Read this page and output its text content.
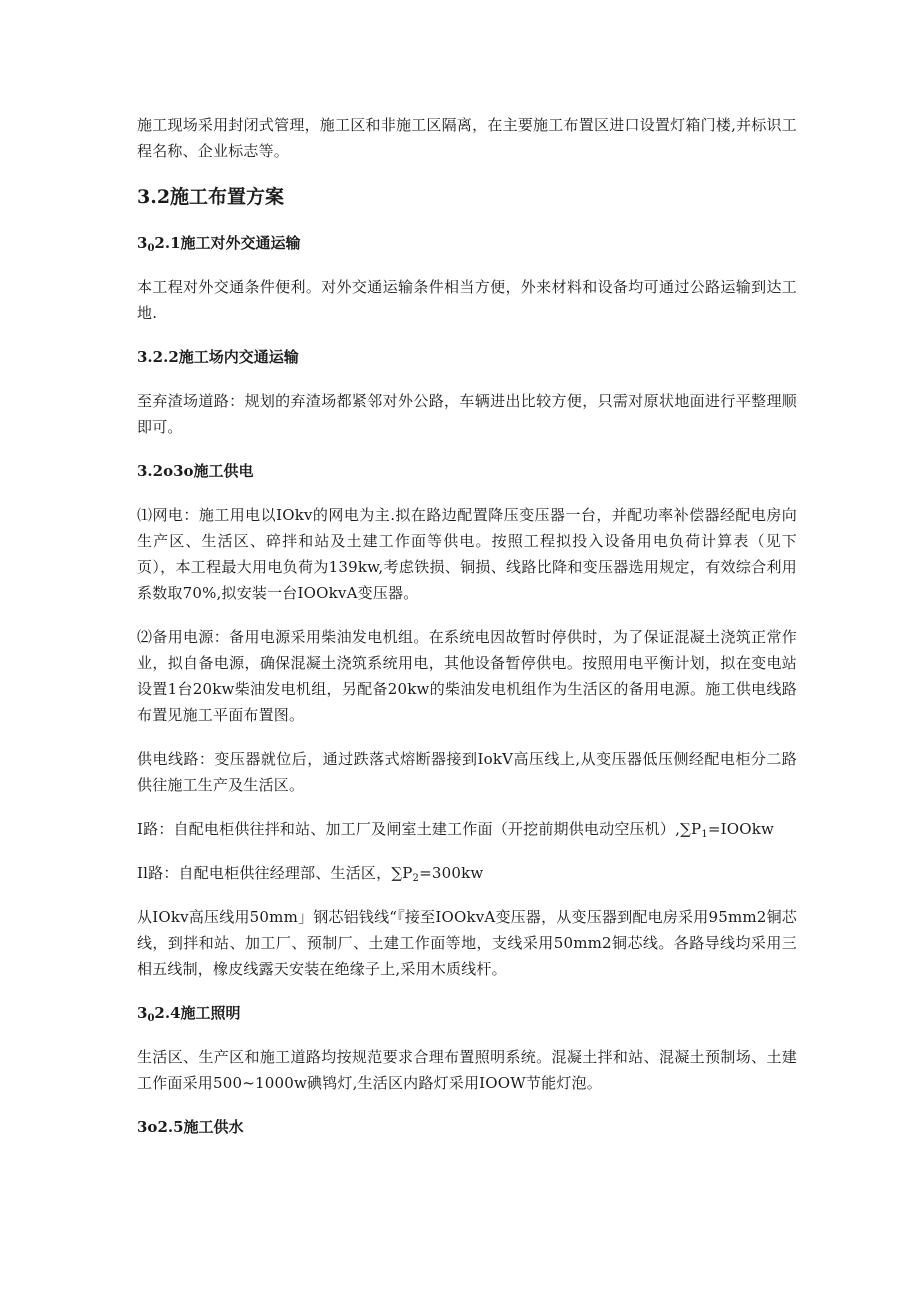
施工现场采用封闭式管理，施工区和非施工区隔离，在主要施工布置区进口设置灯箱门楼,并标识工程名称、企业标志等。

3.2施工布置方案
$3_02.1$施工对外交通运输

本工程对外交通条件便利。对外交通运输条件相当方便，外来材料和设备均可通过公路运输到达工地.

3.2.2施工场内交通运输

至弃渣场道路：规划的弃渣场都紧邻对外公路，车辆进出比较方便，只需对原状地面进行平整理顺即可。

3.2o3o施工供电

⑴网电：施工用电以IOkv的网电为主.拟在路边配置降压变压器一台，并配功率补偿器经配电房向生产区、生活区、碎拌和站及土建工作面等供电。按照工程拟投入设备用电负荷计算表（见下页），本工程最大用电负荷为139kw,考虑铁损、铜损、线路比降和变压器选用规定，有效综合利用系数取70%,拟安装一台IOOkvA变压器。

⑵备用电源：备用电源采用柴油发电机组。在系统电因故暂时停供时，为了保证混凝土浇筑正常作业，拟自备电源，确保混凝土浇筑系统用电，其他设备暂停供电。按照用电平衡计划，拟在变电站设置1台20kw柴油发电机组，另配备20kw的柴油发电机组作为生活区的备用电源。施工供电线路布置见施工平面布置图。

供电线路：变压器就位后，通过跌落式熔断器接到IokV高压线上,从变压器低压侧经配电柜分二路供往施工生产及生活区。

I路：自配电柜供往拌和站、加工厂及闸室土建工作面（开挖前期供电动空压机）$,\sum P_1=IOOkw$

Il路：自配电柜供往经理部、生活区，$\sum P_2=300kw$

从IOkv高压线用50mm」钢芯铝钱线“『接至IOOkvA变压器，从变压器到配电房采用95mm2铜芯线，到拌和站、加工厂、预制厂、土建工作面等地，支线采用50mm2铜芯线。各路导线均采用三相五线制，橡皮线露天安装在绝缘子上,采用木质线杆。

$3_02.4$施工照明

生活区、生产区和施工道路均按规范要求合理布置照明系统。混凝土拌和站、混凝土预制场、土建工作面采用500~1000w碘鸨灯,生活区内路灯采用IOOW节能灯泡。

3o2.5施工供水
